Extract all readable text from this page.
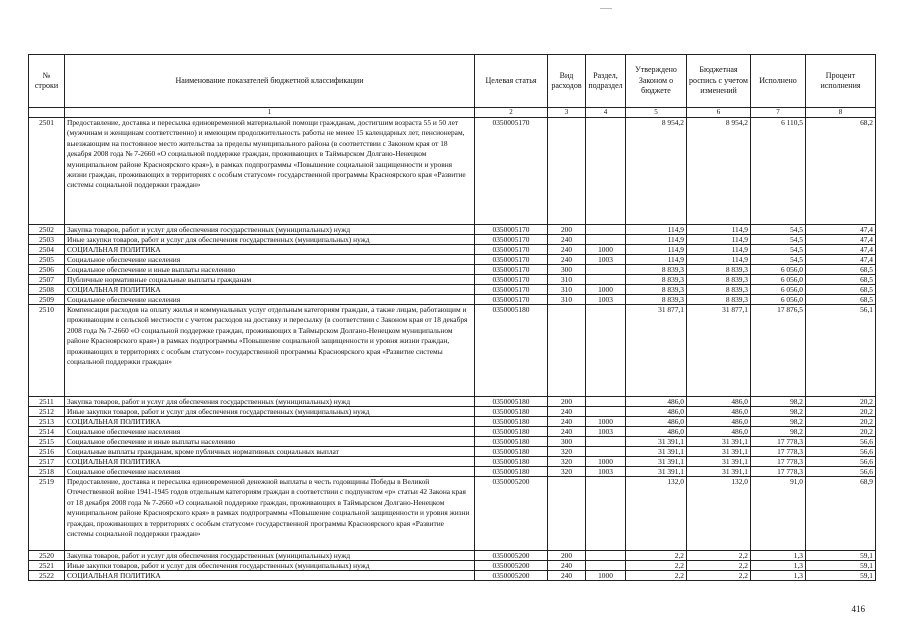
№ строки	Наименование показателей бюджетной классификации	Целевая статья	Вид расходов	Раздел, подраздел	Утверждено Законом о бюджете	Бюджетная роспись с учетом изменений	Исполнено	Процент исполнения
	1	2	3	4	5	6	7	8
2501	Предоставление, доставка и пересылка единовременной материальной помощи гражданам, достигшим возраста 55 и 50 лет (мужчинам и женщинам соответственно) и имеющим продолжительность работы не менее 15 календарных лет, пенсионерам, выезжающим на постоянное место жительства за пределы муниципального района (в соответствии с Законом края от 18 декабря 2008 года № 7-2660 «О социальной поддержке граждан, проживающих в Таймырском Долгано-Ненецком муниципальном районе Красноярского края»), в рамках подпрограммы «Повышение социальной защищенности и уровня жизни граждан, проживающих в территориях с особым статусом» государственной программы Красноярского края «Развитие системы социальной поддержки граждан»	0350005170			8 954,2	8 954,2	6 110,5	68,2
2502	Закупка товаров, работ и услуг для обеспечения государственных (муниципальных) нужд	0350005170	200		114,9	114,9	54,5	47,4
2503	Иные закупки товаров, работ и услуг для обеспечения государственных (муниципальных) нужд	0350005170	240		114,9	114,9	54,5	47,4
2504	СОЦИАЛЬНАЯ ПОЛИТИКА	0350005170	240	1000	114,9	114,9	54,5	47,4
2505	Социальное обеспечение населения	0350005170	240	1003	114,9	114,9	54,5	47,4
2506	Социальное обеспечение и иные выплаты населению	0350005170	300		8 839,3	8 839,3	6 056,0	68,5
2507	Публичные нормативные социальные выплаты гражданам	0350005170	310		8 839,3	8 839,3	6 056,0	68,5
2508	СОЦИАЛЬНАЯ ПОЛИТИКА	0350005170	310	1000	8 839,3	8 839,3	6 056,0	68,5
2509	Социальное обеспечение населения	0350005170	310	1003	8 839,3	8 839,3	6 056,0	68,5
2510	Компенсация расходов на оплату жилья и коммунальных услуг отдельным категориям граждан, а также лицам, работающим и проживающим в сельской местности с учетом расходов на доставку и пересылку (в соответствии с Законом края от 18 декабря 2008 года № 7-2660 «О социальной поддержке граждан, проживающих в Таймырском Долгано-Ненецком муниципальном районе Красноярского края») в рамках подпрограммы «Повышение социальной защищенности и уровня жизни граждан, проживающих в территориях с особым статусом» государственной программы Красноярского края «Развитие системы социальной поддержки граждан»	0350005180			31 877,1	31 877,1	17 876,5	56,1
2511	Закупка товаров, работ и услуг для обеспечения государственных (муниципальных) нужд	0350005180	200		486,0	486,0	98,2	20,2
2512	Иные закупки товаров, работ и услуг для обеспечения государственных (муниципальных) нужд	0350005180	240		486,0	486,0	98,2	20,2
2513	СОЦИАЛЬНАЯ ПОЛИТИКА	0350005180	240	1000	486,0	486,0	98,2	20,2
2514	Социальное обеспечение населения	0350005180	240	1003	486,0	486,0	98,2	20,2
2515	Социальное обеспечение и иные выплаты населению	0350005180	300		31 391,1	31 391,1	17 778,3	56,6
2516	Социальные выплаты гражданам, кроме публичных нормативных социальных выплат	0350005180	320		31 391,1	31 391,1	17 778,3	56,6
2517	СОЦИАЛЬНАЯ ПОЛИТИКА	0350005180	320	1000	31 391,1	31 391,1	17 778,3	56,6
2518	Социальное обеспечение населения	0350005180	320	1003	31 391,1	31 391,1	17 778,3	56,6
2519	Предоставление, доставка и пересылка единовременной денежной выплаты в честь годовщины Победы в Великой Отечественной войне 1941-1945 годов отдельным категориям граждан в соответствии с подпунктом «р» статьи 42 Закона края от 18 декабря 2008 года № 7-2660 «О социальной поддержке граждан, проживающих в Таймырском Долгано-Ненецком муниципальном районе Красноярского края» в рамках подпрограммы «Повышение социальной защищенности и уровня жизни граждан, проживающих в территориях с особым статусом» государственной программы Красноярского края «Развитие системы социальной поддержки граждан»	0350005200			132,0	132,0	91,0	68,9
2520	Закупка товаров, работ и услуг для обеспечения государственных (муниципальных) нужд	0350005200	200		2,2	2,2	1,3	59,1
2521	Иные закупки товаров, работ и услуг для обеспечения государственных (муниципальных) нужд	0350005200	240		2,2	2,2	1,3	59,1
2522	СОЦИАЛЬНАЯ ПОЛИТИКА	0350005200	240	1000	2,2	2,2	1,3	59,1
416
